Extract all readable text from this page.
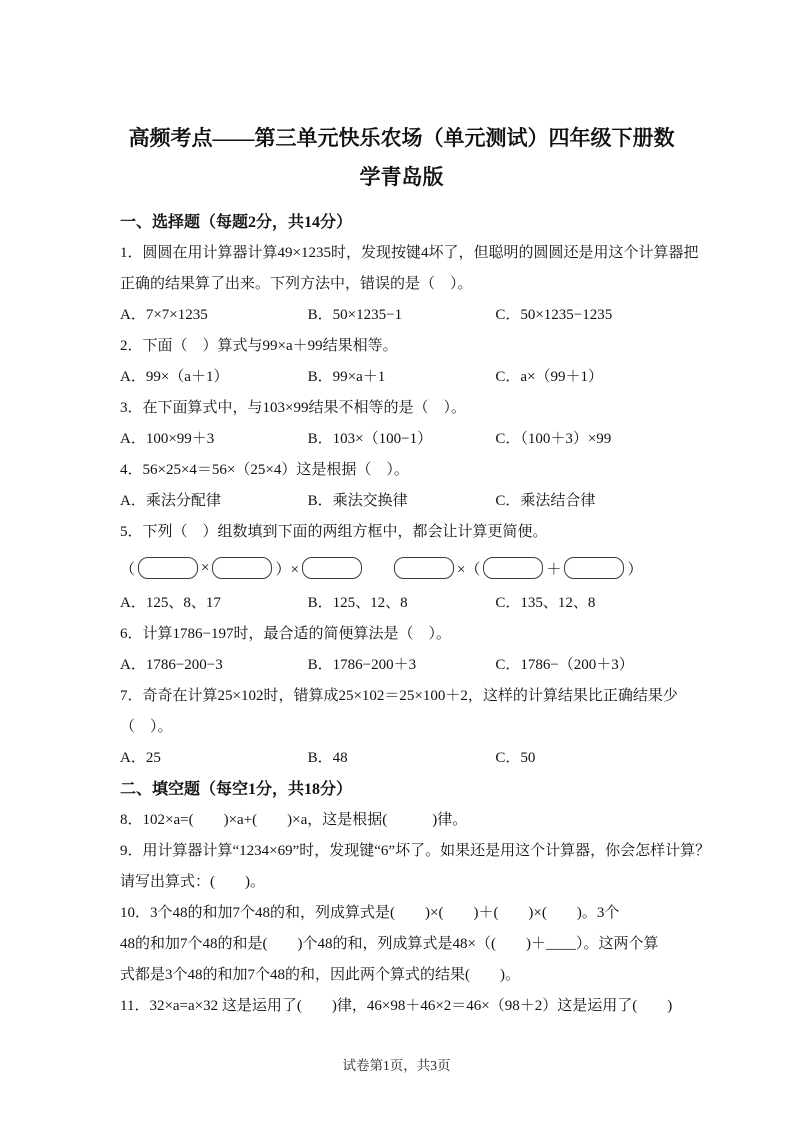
高频考点——第三单元快乐农场（单元测试）四年级下册数
学青岛版
一、选择题（每题2分，共14分）
1．圆圆在用计算器计算49×1235时，发现按键4坏了，但聪明的圆圆还是用这个计算器把
正确的结果算了出来。下列方法中，错误的是（　）。
A．7×7×1235	B．50×1235−1	C．50×1235−1235
2．下面（　）算式与99×a＋99结果相等。
A．99×（a＋1）	B．99×a＋1	C．a×（99＋1）
3．在下面算式中，与103×99结果不相等的是（　）。
A．100×99＋3	B．103×（100−1）	C．（100＋3）×99
4．56×25×4＝56×（25×4）这是根据（　）。
A．乘法分配律	B．乘法交换律	C．乘法结合律
5．下列（　）组数填到下面的两组方框中，都会让计算更简便。
（	×	）×	×（	＋	）
A．125、8、17	B．125、12、8	C．135、12、8
6．计算1786−197时，最合适的简便算法是（　）。
A．1786−200−3	B．1786−200＋3	C．1786−（200＋3）
7．奇奇在计算25×102时，错算成25×102＝25×100＋2，这样的计算结果比正确结果少
（　）。
A．25	B．48	C．50
二、填空题（每空1分，共18分）
8．102×a=(　　)×a+(　　)×a，这是根据(　　　)律。
9．用计算器计算“1234×69”时，发现键“6”坏了。如果还是用这个计算器，你会怎样计算？
请写出算式：(　　)。
10．3个48的和加7个48的和，列成算式是(　　)×(　　)＋(　　)×(　　)。3个
48的和加7个48的和是(　　)个48的和，列成算式是48×（(　　)＋____）。这两个算
式都是3个48的和加7个48的和，因此两个算式的结果(　　)。
11．32×a=a×32 这是运用了(　　)律，46×98＋46×2＝46×（98＋2）这是运用了(　　)
试卷第1页，共3页
